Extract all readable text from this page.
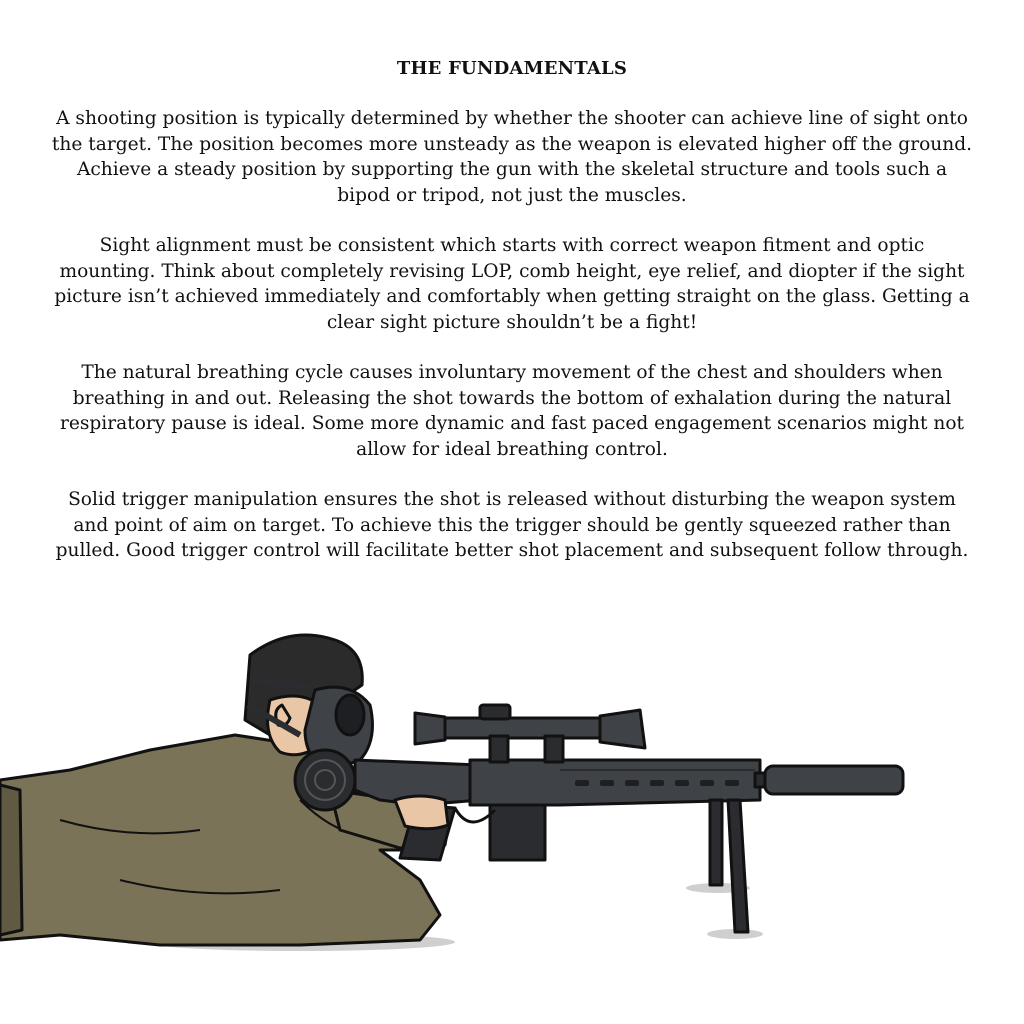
THE FUNDAMENTALS

A shooting position is typically determined by whether the shooter can achieve line of sight onto the target. The position becomes more unsteady as the weapon is elevated higher off the ground. Achieve a steady position by supporting the gun with the skeletal structure and tools such a bipod or tripod, not just the muscles.

Sight alignment must be consistent which starts with correct weapon fitment and optic mounting. Think about completely revising LOP, comb height, eye relief, and diopter if the sight picture isn’t achieved immediately and comfortably when getting straight on the glass. Getting a clear sight picture shouldn’t be a fight!

The natural breathing cycle causes involuntary movement of the chest and shoulders when breathing in and out. Releasing the shot towards the bottom of exhalation during the natural respiratory pause is ideal. Some more dynamic and fast paced engagement scenarios might not allow for ideal breathing control.

Solid trigger manipulation ensures the shot is released without disturbing the weapon system and point of aim on target. To achieve this the trigger should be gently squeezed rather than pulled. Good trigger control will facilitate better shot placement and subsequent follow through.
